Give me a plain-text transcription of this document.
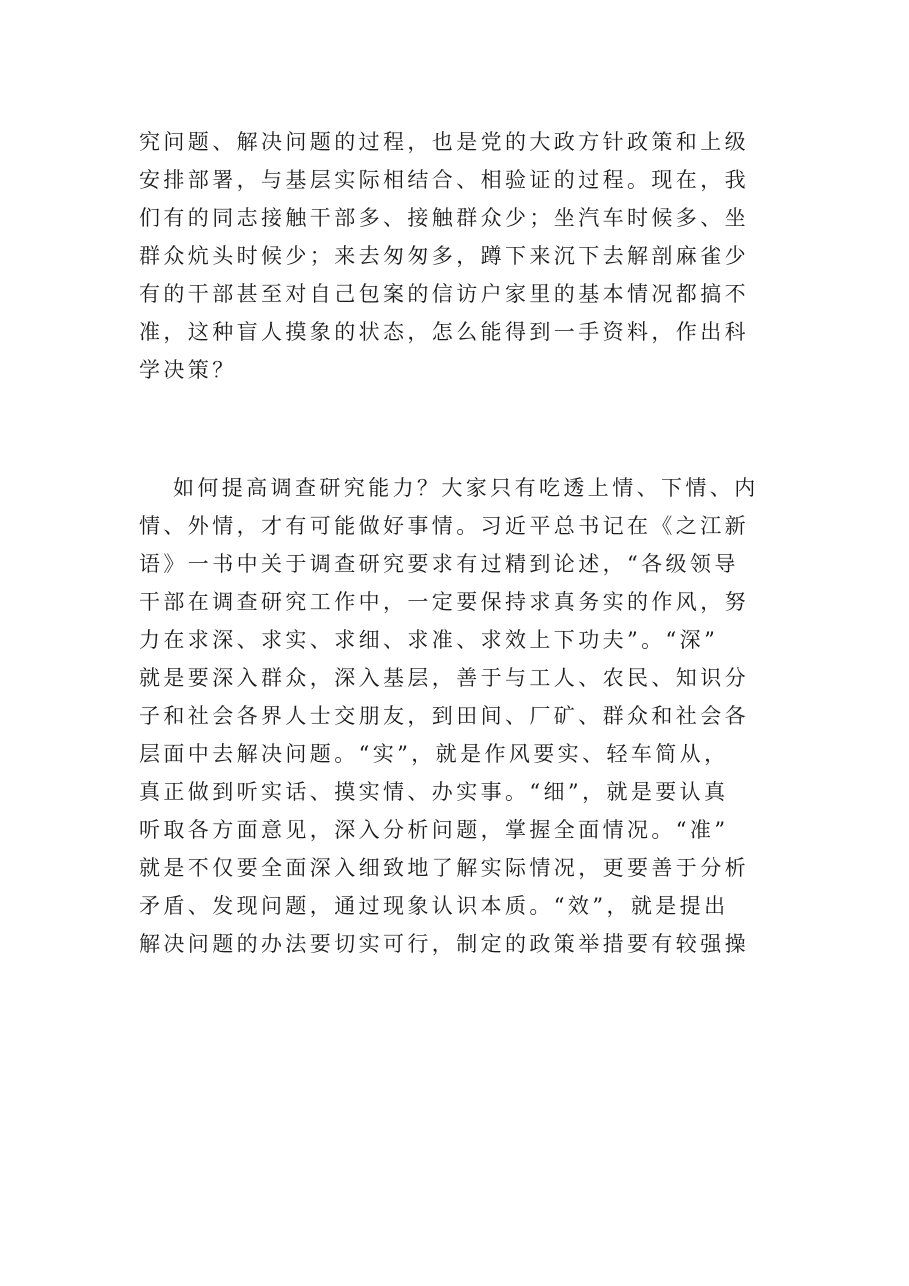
究问题、解决问题的过程，也是党的大政方针政策和上级
安排部署，与基层实际相结合、相验证的过程。现在，我
们有的同志接触干部多、接触群众少；坐汽车时候多、坐
群众炕头时候少；来去匆匆多，蹲下来沉下去解剖麻雀少
有的干部甚至对自己包案的信访户家里的基本情况都搞不
准，这种盲人摸象的状态，怎么能得到一手资料，作出科
学决策？
如何提高调查研究能力？大家只有吃透上情、下情、内
情、外情，才有可能做好事情。习近平总书记在《之江新
语》一书中关于调查研究要求有过精到论述，“各级领导
干部在调查研究工作中，一定要保持求真务实的作风，努
力在求深、求实、求细、求准、求效上下功夫”。“深”
就是要深入群众，深入基层，善于与工人、农民、知识分
子和社会各界人士交朋友，到田间、厂矿、群众和社会各
层面中去解决问题。“实”，就是作风要实、轻车简从，
真正做到听实话、摸实情、办实事。“细”，就是要认真
听取各方面意见，深入分析问题，掌握全面情况。“准”
就是不仅要全面深入细致地了解实际情况，更要善于分析
矛盾、发现问题，通过现象认识本质。“效”，就是提出
解决问题的办法要切实可行，制定的政策举措要有较强操
